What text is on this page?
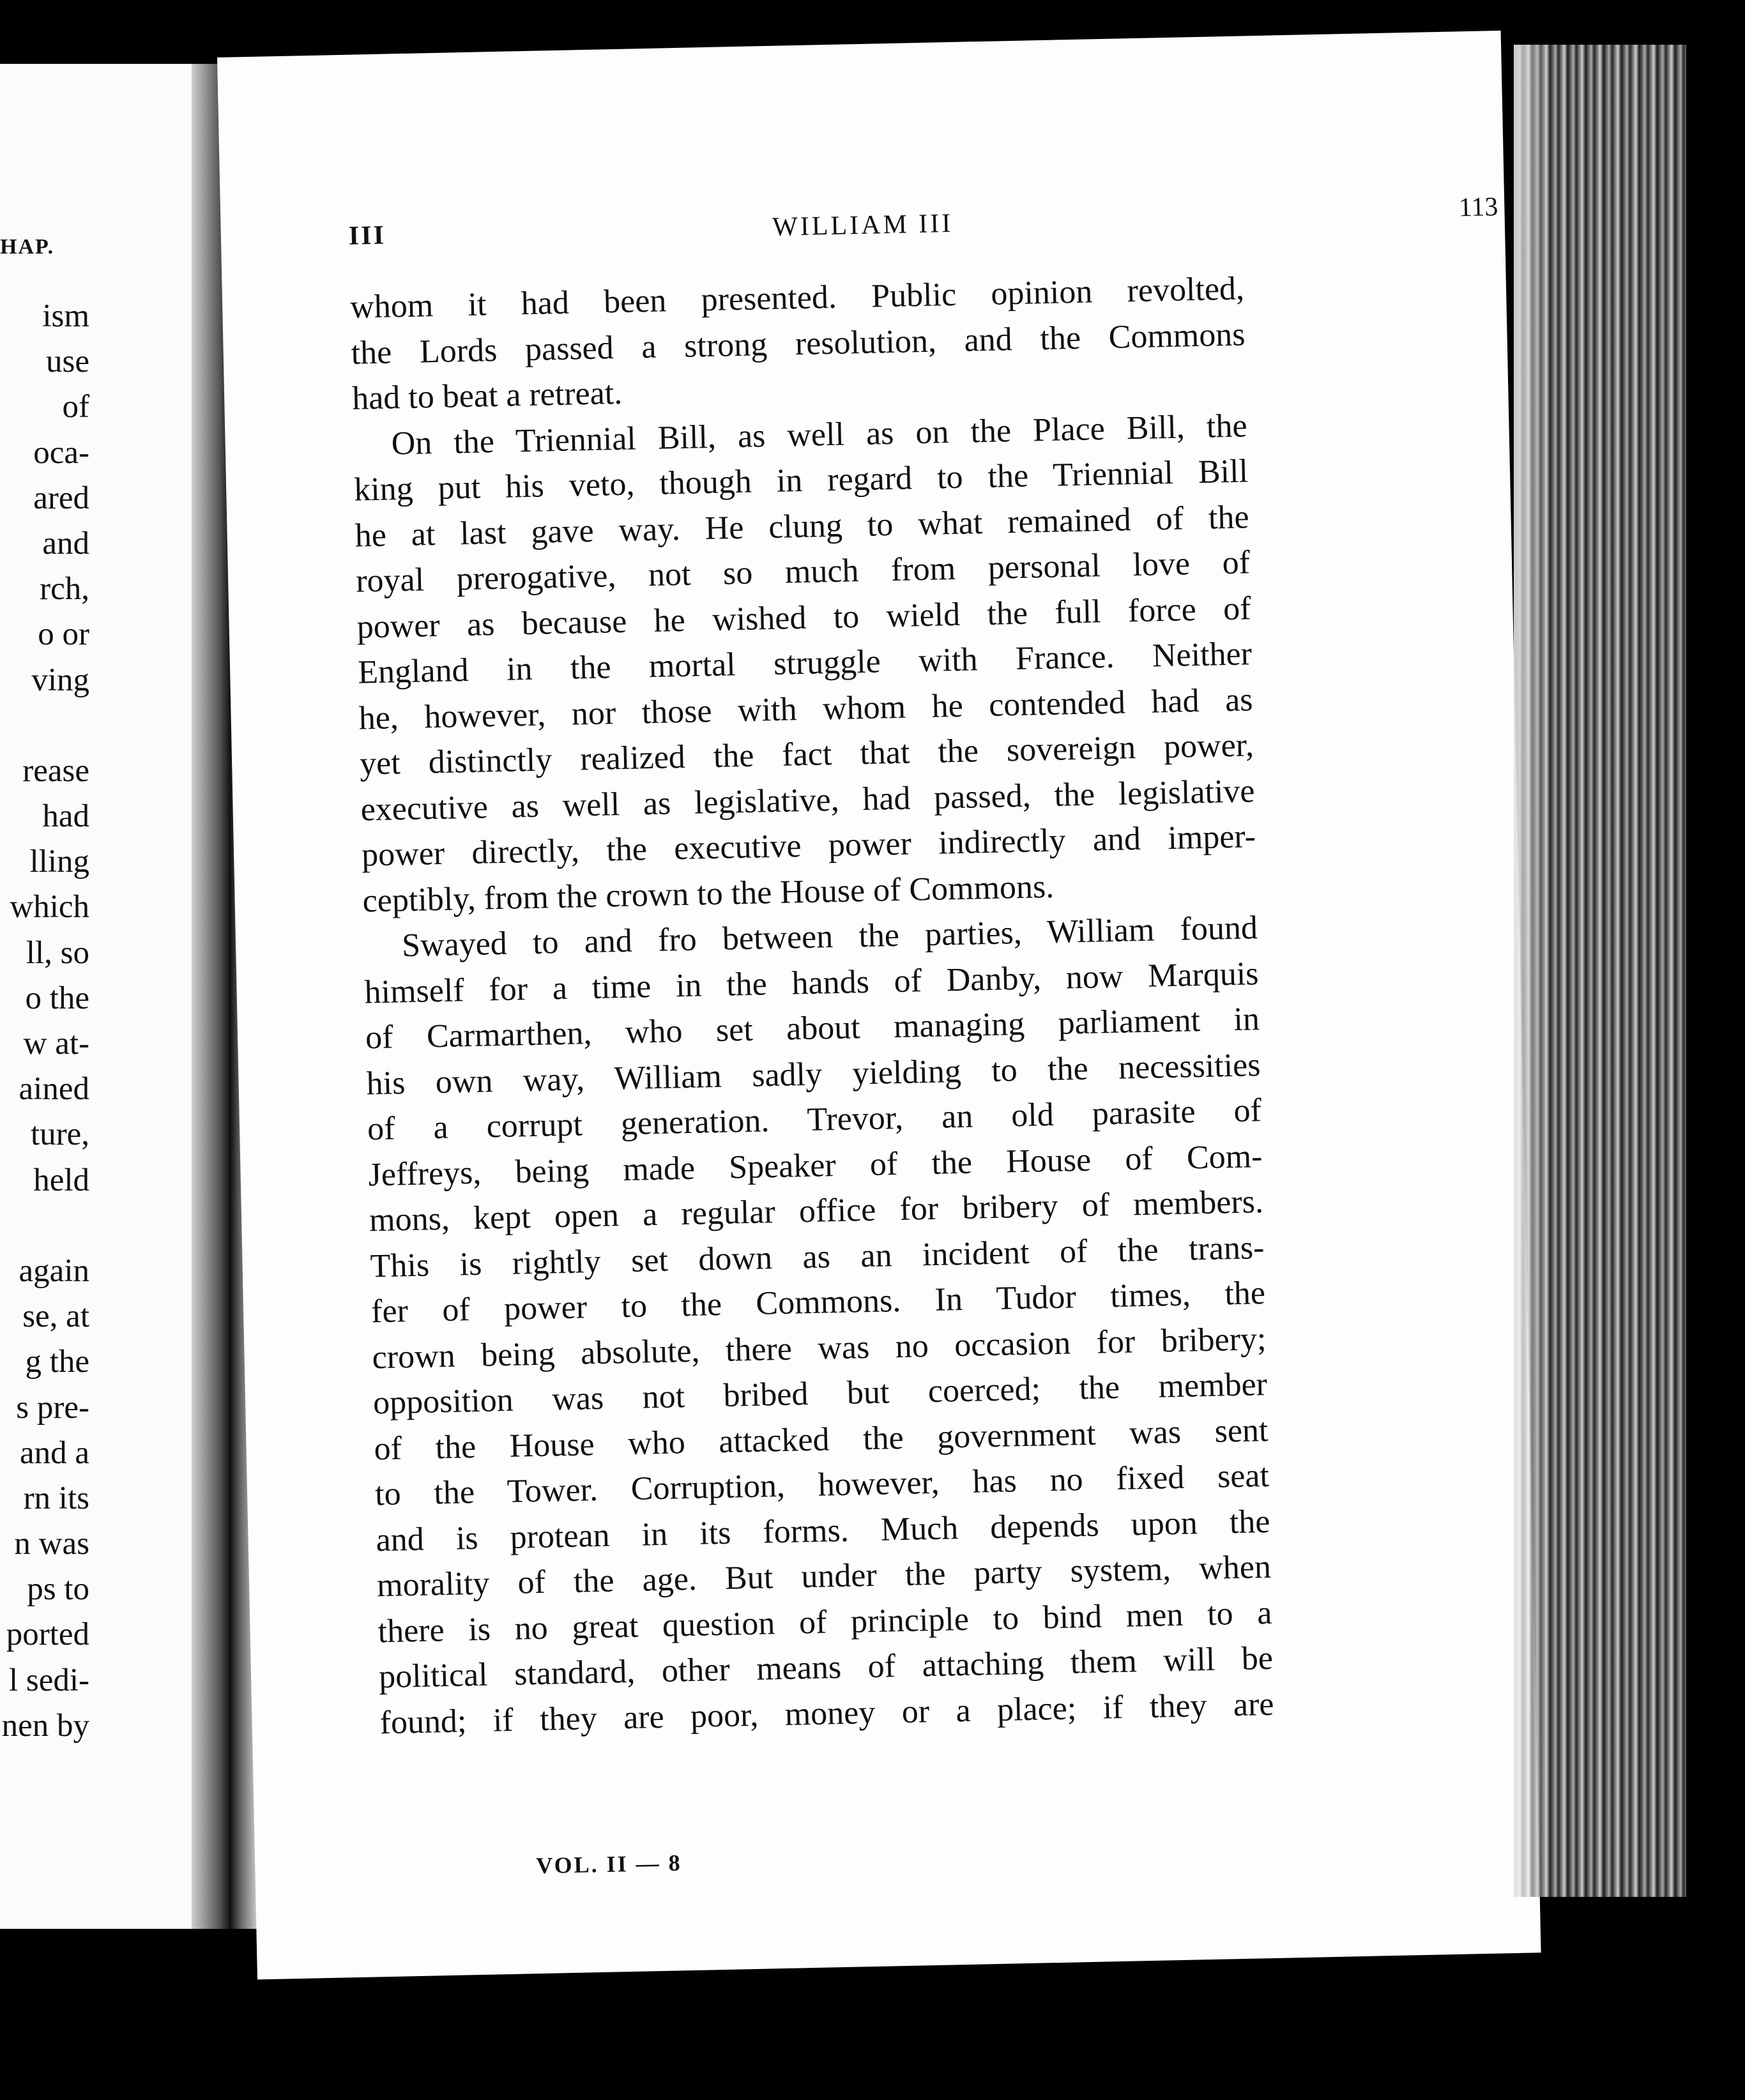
HAP.
ism
use
of
oca-
ared
and
rch,
o or
ving
rease
had
lling
which
ll, so
o the
w at-
ained
ture,
held
again
se, at
g the
s pre-
and a
rn its
n was
ps to
ported
l sedi-
nen by
III	WILLIAM III
113
whom it had been presented. Public opinion revolted,
the Lords passed a strong resolution, and the Commons
had to beat a retreat.
On the Triennial Bill, as well as on the Place Bill, the
king put his veto, though in regard to the Triennial Bill
he at last gave way. He clung to what remained of the
royal prerogative, not so much from personal love of
power as because he wished to wield the full force of
England in the mortal struggle with France. Neither
he, however, nor those with whom he contended had as
yet distinctly realized the fact that the sovereign power,
executive as well as legislative, had passed, the legislative
power directly, the executive power indirectly and imper-
ceptibly, from the crown to the House of Commons.
Swayed to and fro between the parties, William found
himself for a time in the hands of Danby, now Marquis
of Carmarthen, who set about managing parliament in
his own way, William sadly yielding to the necessities
of a corrupt generation. Trevor, an old parasite of
Jeffreys, being made Speaker of the House of Com-
mons, kept open a regular office for bribery of members.
This is rightly set down as an incident of the trans-
fer of power to the Commons. In Tudor times, the
crown being absolute, there was no occasion for bribery;
opposition was not bribed but coerced; the member
of the House who attacked the government was sent
to the Tower. Corruption, however, has no fixed seat
and is protean in its forms. Much depends upon the
morality of the age. But under the party system, when
there is no great question of principle to bind men to a
political standard, other means of attaching them will be
found; if they are poor, money or a place; if they are
VOL. II — 8
